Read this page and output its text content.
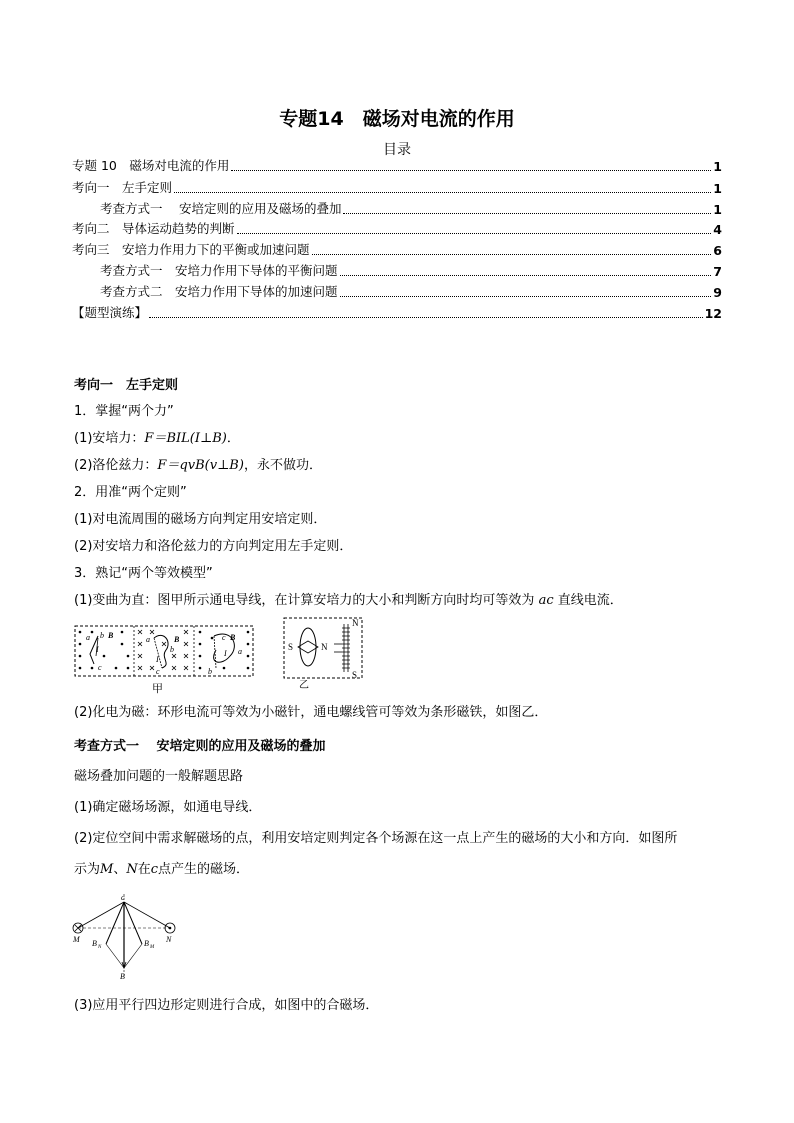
专题14　磁场对电流的作用
目录
专题 10　磁场对电流的作用	1
考向一　左手定则	1
考查方式一　 安培定则的应用及磁场的叠加	1
考向二　导体运动趋势的判断	4
考向三　安培力作用力下的平衡或加速问题	6
考查方式一　安培力作用下导体的平衡问题	7
考查方式二　安培力作用下导体的加速问题	9
【题型演练】	12
考向一　左手定则
1．掌握“两个力”
(1)安培力：F＝BIL(I⊥B)．
(2)洛伦兹力：F＝qvB(v⊥B)，永不做功．
2．用准“两个定则”
(1)对电流周围的磁场方向判定用安培定则．
(2)对安培力和洛伦兹力的方向判定用左手定则．
3．熟记“两个等效模型”
(1)变曲为直：图甲所示通电导线，在计算安培力的大小和判断方向时均可等效为 ac 直线电流．
a b B
I
c
a	B
b
I
c
c B
a
I
b
乙
S	N
N
S
甲
(2)化电为磁：环形电流可等效为小磁针，通电螺线管可等效为条形磁铁，如图乙．
考查方式一　 安培定则的应用及磁场的叠加
磁场叠加问题的一般解题思路
(1)确定磁场场源，如通电导线．
(2)定位空间中需求解磁场的点，利用安培定则判定各个场源在这一点上产生的磁场的大小和方向．如图所
示为M、N在c点产生的磁场．
c
M	N
B N	B M
B
(3)应用平行四边形定则进行合成，如图中的合磁场．
